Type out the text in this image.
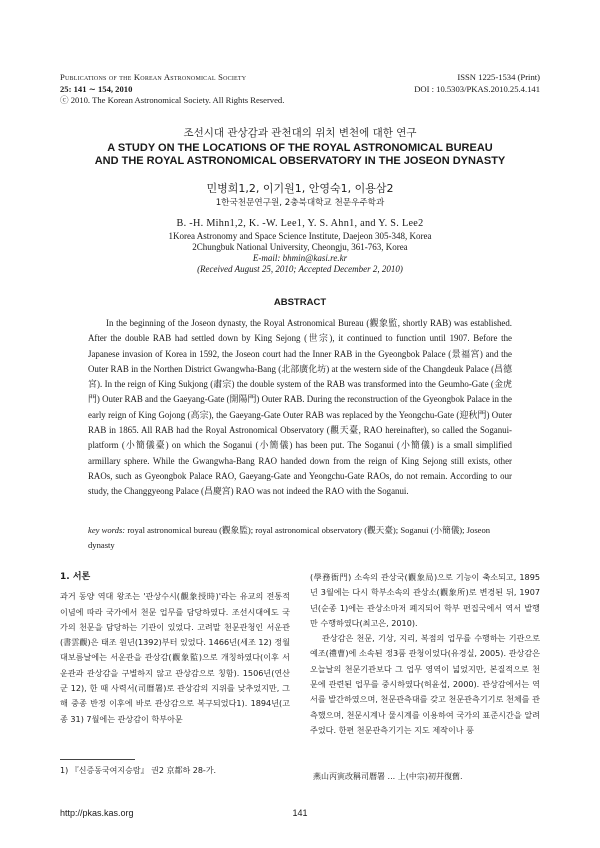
Publications of the Korean Astronomical Society
25: 141 ∼ 154, 2010
ⓒ 2010. The Korean Astronomical Society. All Rights Reserved.
ISSN 1225-1534 (Print)
DOI : 10.5303/PKAS.2010.25.4.141
조선시대 관상감과 관천대의 위치 변천에 대한 연구
A STUDY ON THE LOCATIONS OF THE ROYAL ASTRONOMICAL BUREAU
AND THE ROYAL ASTRONOMICAL OBSERVATORY IN THE JOSEON DYNASTY
민병희1,2, 이기원1, 안영숙1, 이용삼2
1한국천문연구원, 2충북대학교 천문우주학과
B. -H. Mihn1,2, K. -W. Lee1, Y. S. Ahn1, and Y. S. Lee2
1Korea Astronomy and Space Science Institute, Daejeon 305-348, Korea
2Chungbuk National University, Cheongju, 361-763, Korea
E-mail: bhmin@kasi.re.kr
(Received August 25, 2010; Accepted December 2, 2010)
ABSTRACT

In the beginning of the Joseon dynasty, the Royal Astronomical Bureau (觀象監, shortly RAB) was established. After the double RAB had settled down by King Sejong (世宗), it continued to function until 1907. Before the Japanese invasion of Korea in 1592, the Joseon court had the Inner RAB in the Gyeongbok Palace (景福宮) and the Outer RAB in the Northen District Gwangwha-Bang (北部廣化坊) at the western side of the Changdeuk Palace (昌德宮). In the reign of King Sukjong (肅宗) the double system of the RAB was transformed into the Geumho-Gate (金虎門) Outer RAB and the Gaeyang-Gate (開陽門) Outer RAB. During the reconstruction of the Gyeongbok Palace in the early reign of King Gojong (高宗), the Gaeyang-Gate Outer RAB was replaced by the Yeongchu-Gate (迎秋門) Outer RAB in 1865. All RAB had the Royal Astronomical Observatory (觀天臺, RAO hereinafter), so called the Soganui-platform (小簡儀臺) on which the Soganui (小簡儀) has been put. The Soganui (小簡儀) is a small simplified armillary sphere. While the Gwangwha-Bang RAO handed down from the reign of King Sejong still exists, other RAOs, such as Gyeongbok Palace RAO, Gaeyang-Gate and Yeongchu-Gate RAOs, do not remain. According to our study, the Changgyeong Palace (昌慶宮) RAO was not indeed the RAO with the Soganui.

key words: royal astronomical bureau (觀象監); royal astronomical observatory (觀天臺); Soganui (小簡儀); Joseon dynasty

1. 서론

과거 동양 역대 왕조는 '관상수시(觀象授時)'라는 유교의 전통적 이념에 따라 국가에서 천문 업무를 담당하였다. 조선시대에도 국가의 천문을 담당하는 기관이 있었다. 고려말 천문관청인 서운관(書雲觀)은 태조 원년(1392)부터 있었다. 1466년(세조 12) 정월 대보름날에는 서운관을 관상감(觀象監)으로 개칭하였다(이후 서운관과 관상감을 구별하지 않고 관상감으로 칭함). 1506년(연산군 12), 한 때 사력서(司曆署)로 관상감의 지위를 낮추었지만, 그해 중종 반정 이후에 바로 관상감으로 복구되었다1). 1894년(고종 31) 7월에는 관상감이 학부아문

(學務衙門) 소속의 관상국(觀象局)으로 기능이 축소되고, 1895년 3월에는 다시 학부소속의 관상소(觀象所)로 변경된 뒤, 1907년(순종 1)에는 관상소마저 폐지되어 학부 편집국에서 역서 발행만 수행하였다(최고은, 2010).

관상감은 천문, 기상, 지리, 복점의 업무를 수행하는 기관으로 예조(禮曹)에 소속된 정3품 관청이었다(유경실, 2005). 관상감은 오늘날의 천문기관보다 그 업무 영역이 넓었지만, 본질적으로 천문에 관련된 업무를 중시하였다(허윤섭, 2000). 관상감에서는 역서를 발간하였으며, 천문관측대를 갖고 천문관측기기로 천체를 관측했으며, 천문시계나 물시계를 이용하여 국가의 표준시간을 알려주었다. 한편 천문관측기기는 지도 제작이나 풍

1) 『신증동국여지승람』 권2 京都하 28-가.
燕山丙寅改稱司曆署 ... 上(中宗)初幷復舊.
http://pkas.kas.org	141
